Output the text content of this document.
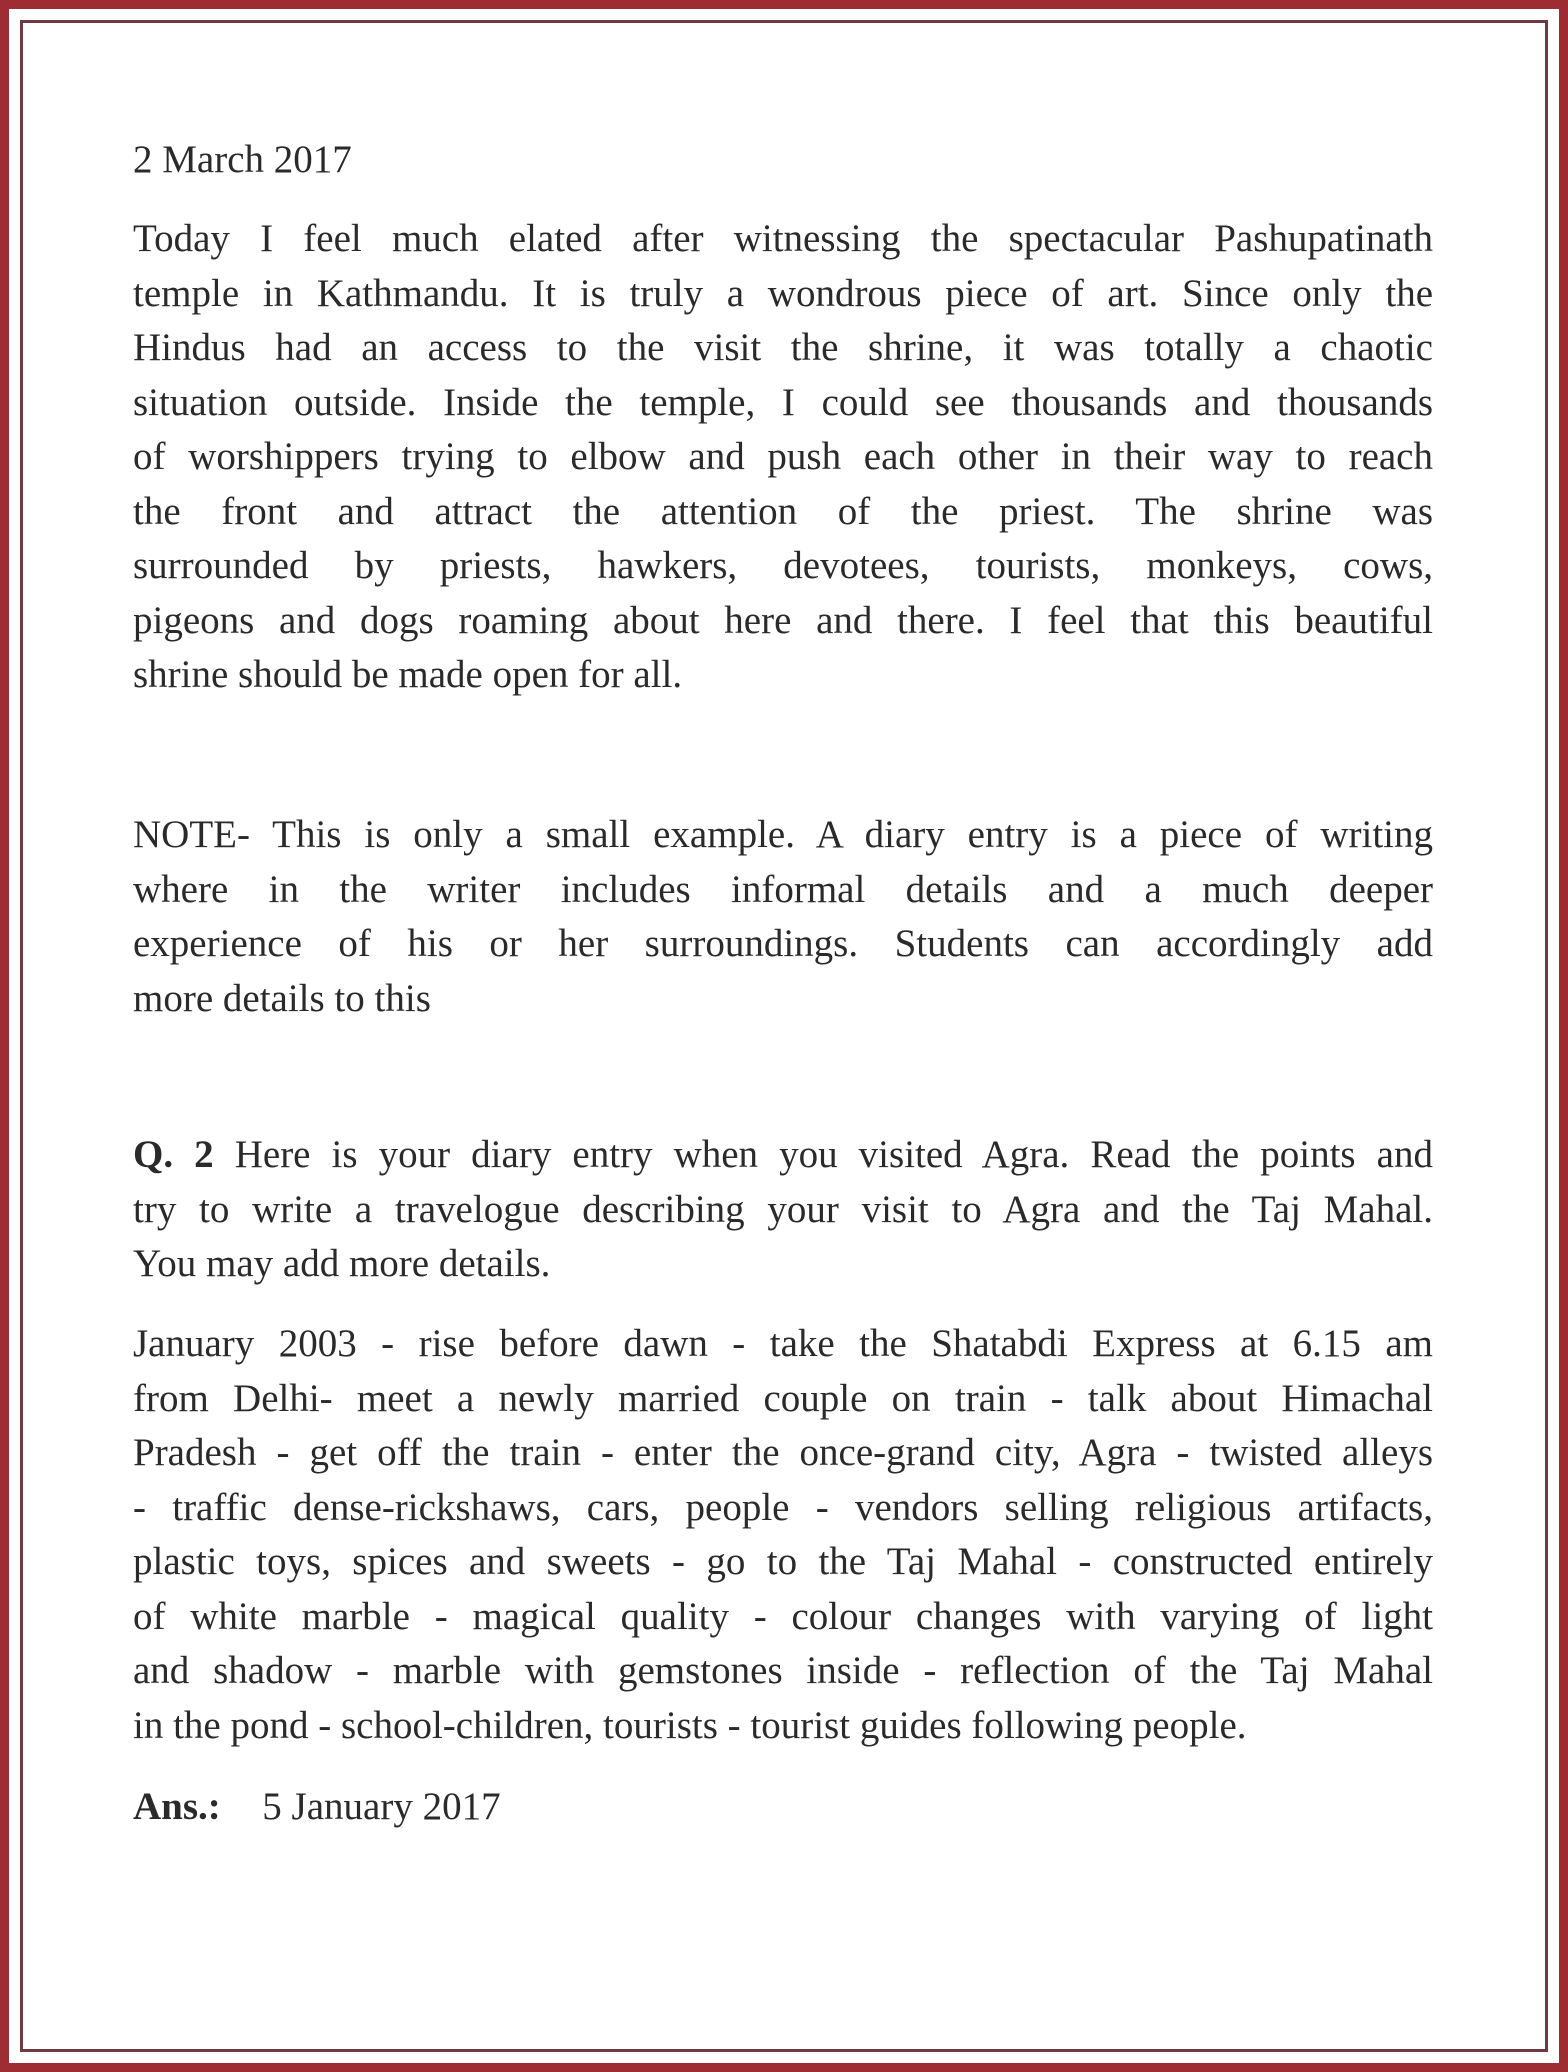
2 March 2017
Today I feel much elated after witnessing the spectacular Pashupatinath
temple in Kathmandu. It is truly a wondrous piece of art. Since only the
Hindus had an access to the visit the shrine, it was totally a chaotic
situation outside. Inside the temple, I could see thousands and thousands
of worshippers trying to elbow and push each other in their way to reach
the front and attract the attention of the priest. The shrine was
surrounded by priests, hawkers, devotees, tourists, monkeys, cows,
pigeons and dogs roaming about here and there. I feel that this beautiful
shrine should be made open for all.
NOTE- This is only a small example. A diary entry is a piece of writing
where in the writer includes informal details and a much deeper
experience of his or her surroundings. Students can accordingly add
more details to this
Q. 2 Here is your diary entry when you visited Agra. Read the points and
try to write a travelogue describing your visit to Agra and the Taj Mahal.
You may add more details.
January 2003 - rise before dawn - take the Shatabdi Express at 6.15 am
from Delhi- meet a newly married couple on train - talk about Himachal
Pradesh - get off the train - enter the once-grand city, Agra - twisted alleys
- traffic dense-rickshaws, cars, people - vendors selling religious artifacts,
plastic toys, spices and sweets - go to the Taj Mahal - constructed entirely
of white marble - magical quality - colour changes with varying of light
and shadow - marble with gemstones inside - reflection of the Taj Mahal
in the pond - school-children, tourists - tourist guides following people.
Ans.: 5 January 2017
